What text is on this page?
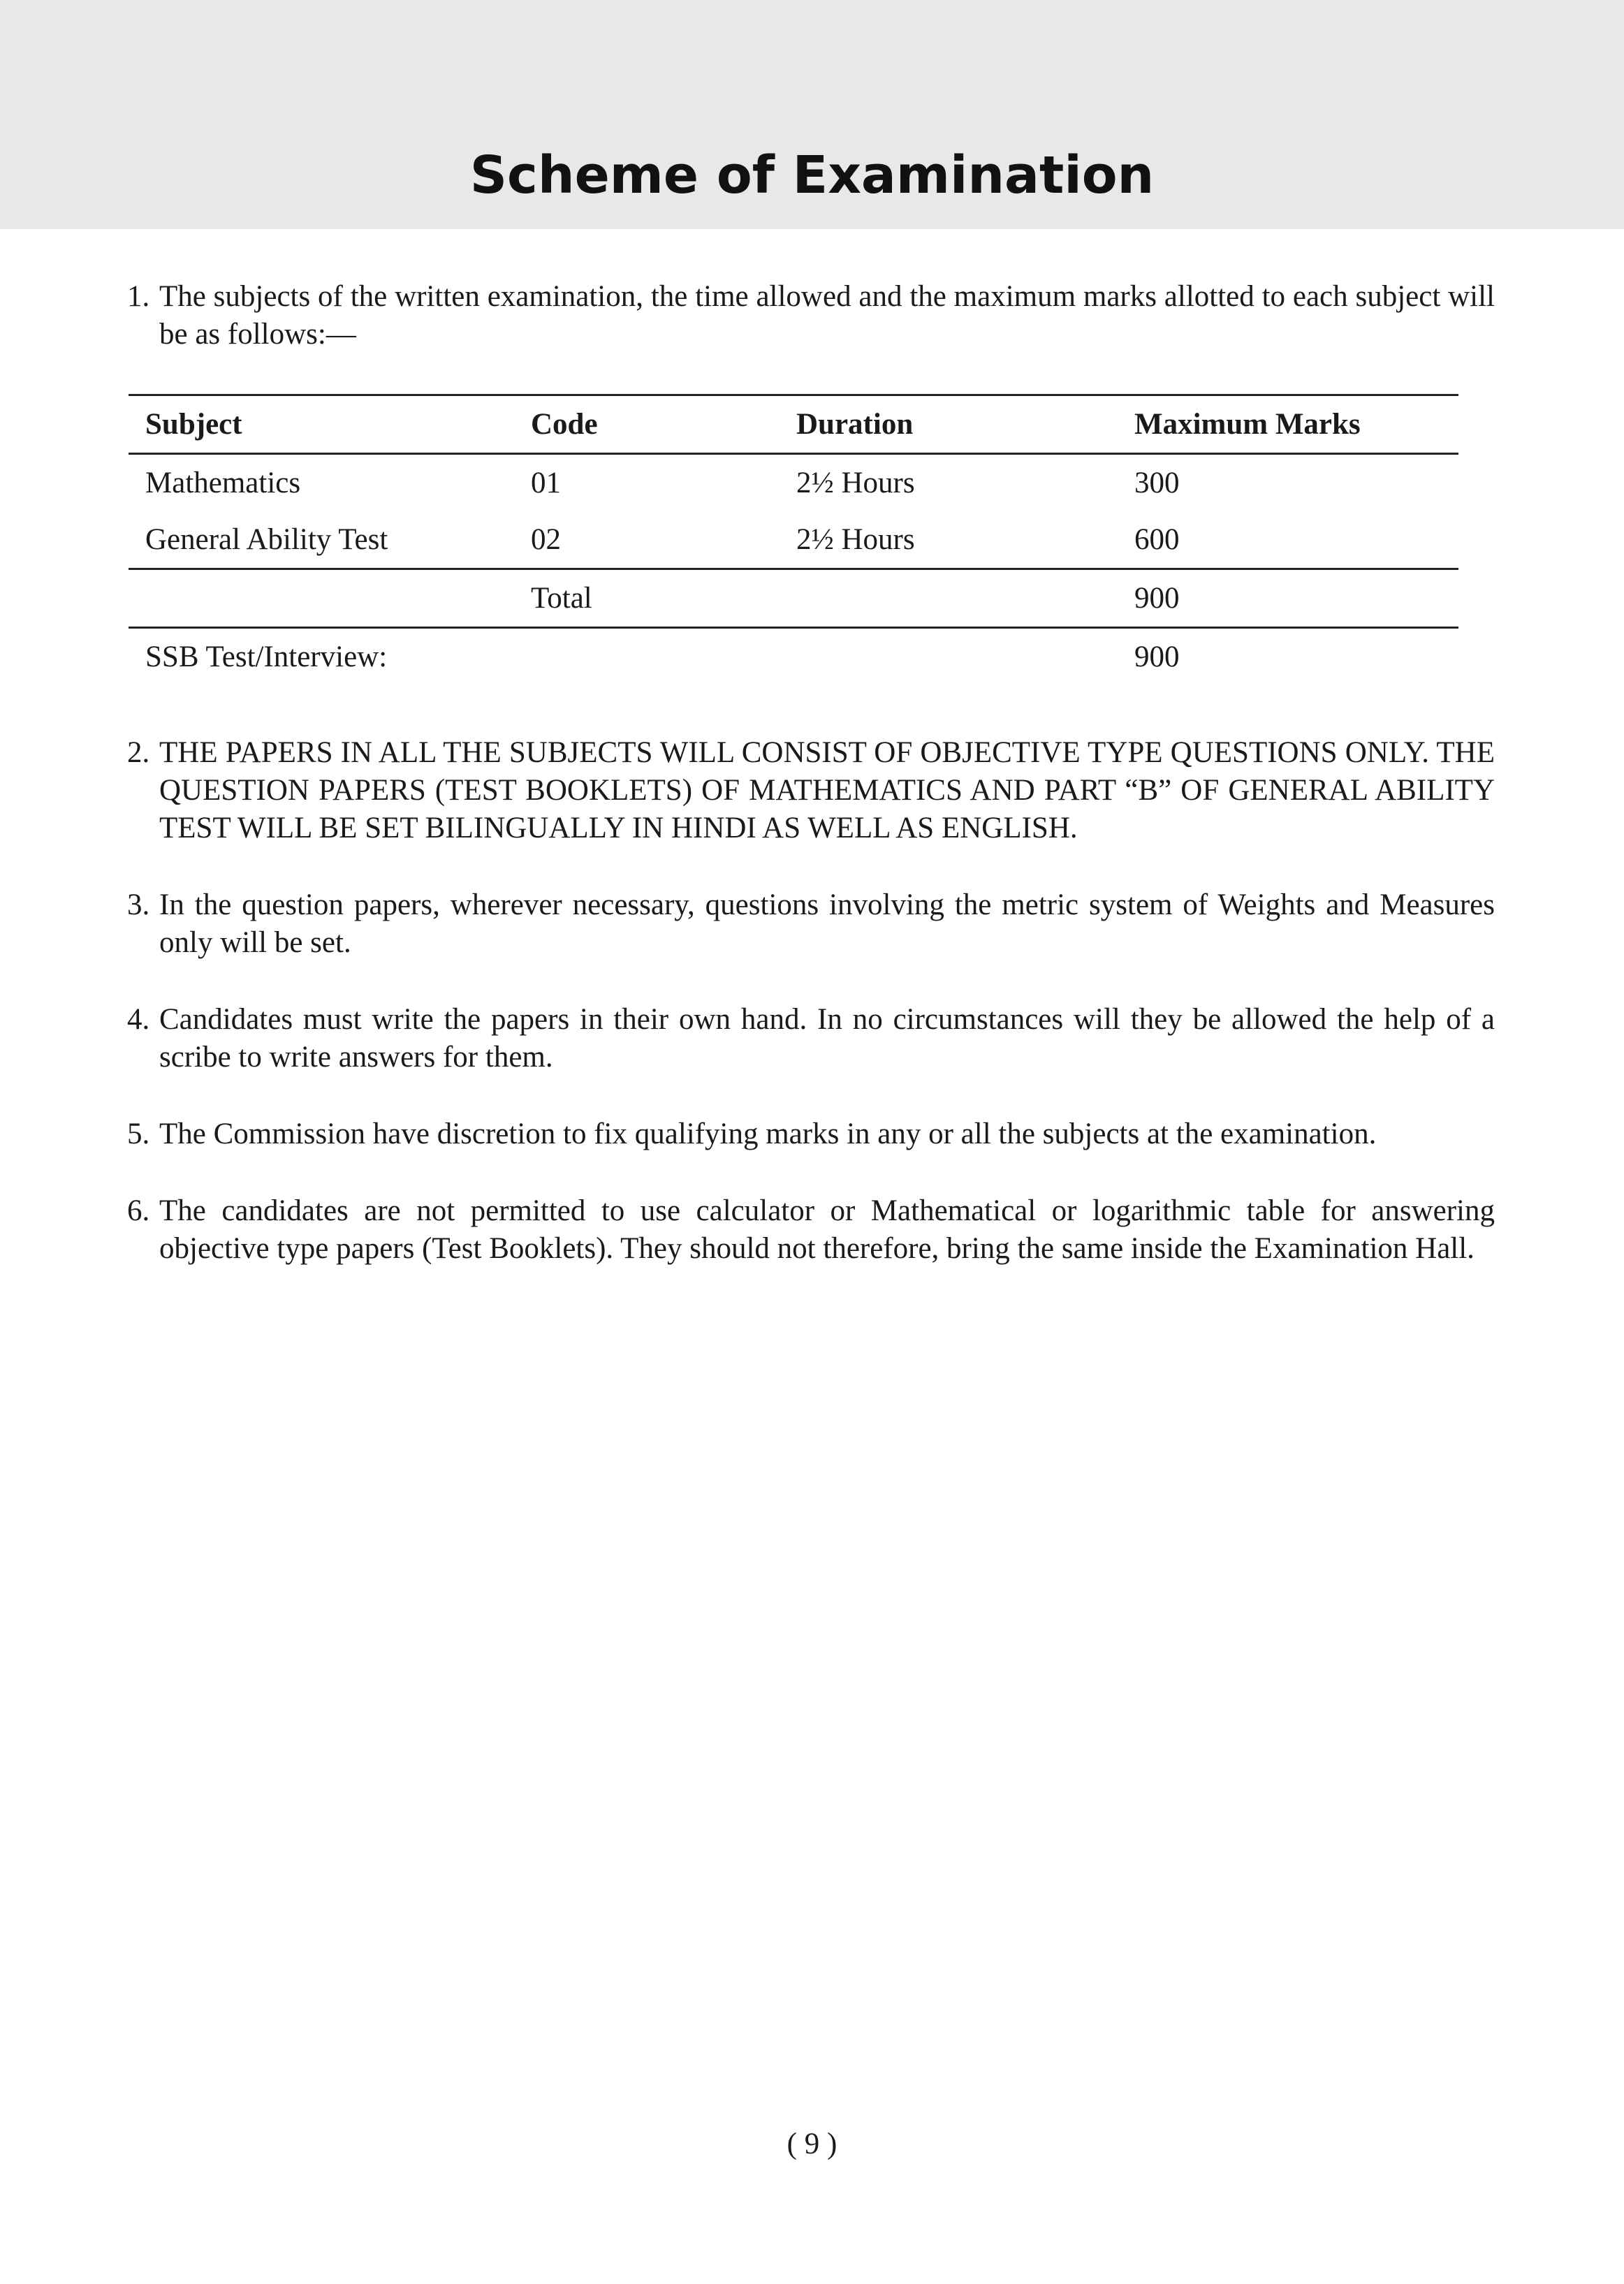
Scheme of Examination
1. The subjects of the written examination, the time allowed and the maximum marks allotted to each subject will be as follows:—

Subject	Code	Duration	Maximum Marks
Mathematics	01	2½ Hours	300
General Ability Test	02	2½ Hours	600
	Total		900
SSB Test/Interview:			900
2. THE PAPERS IN ALL THE SUBJECTS WILL CONSIST OF OBJECTIVE TYPE QUESTIONS ONLY. THE QUESTION PAPERS (TEST BOOKLETS) OF MATHEMATICS AND PART “B” OF GENERAL ABILITY TEST WILL BE SET BILINGUALLY IN HINDI AS WELL AS ENGLISH.

3. In the question papers, wherever necessary, questions involving the metric system of Weights and Measures only will be set.

4. Candidates must write the papers in their own hand. In no circumstances will they be allowed the help of a scribe to write answers for them.

5. The Commission have discretion to fix qualifying marks in any or all the subjects at the examination.

6. The candidates are not permitted to use calculator or Mathematical or logarithmic table for answering objective type papers (Test Booklets). They should not therefore, bring the same inside the Examination Hall.

( 9 )
